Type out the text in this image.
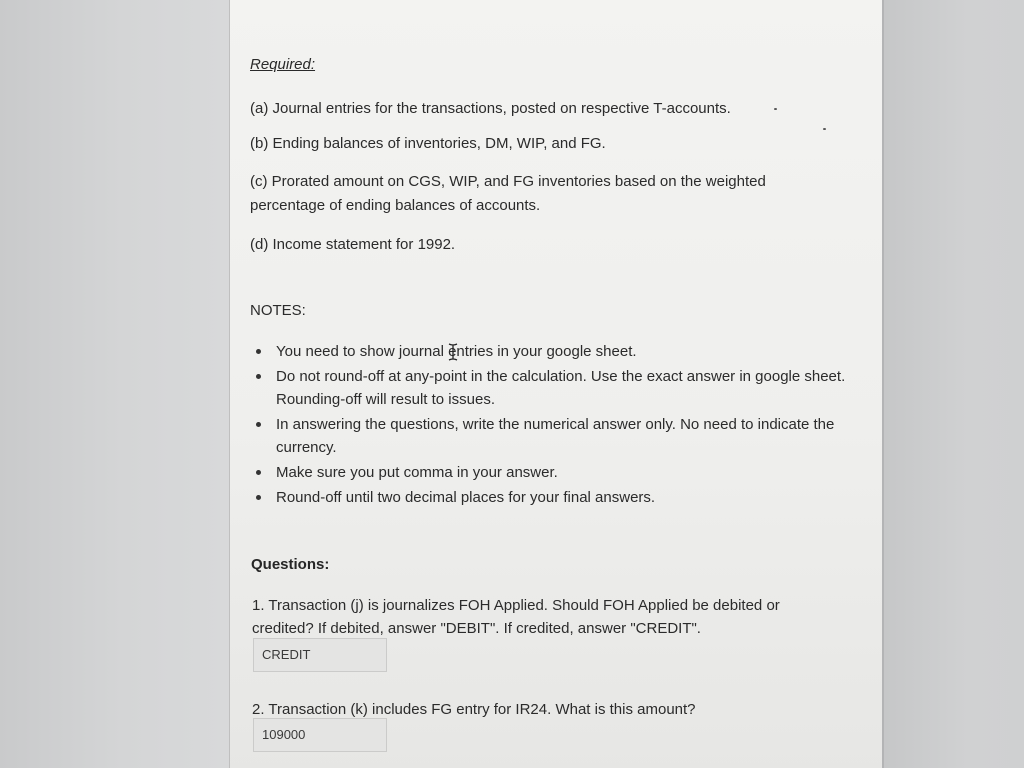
Required:
(a) Journal entries for the transactions, posted on respective T-accounts.
(b) Ending balances of inventories, DM, WIP, and FG.
(c) Prorated amount on CGS, WIP, and FG inventories based on the weighted percentage of ending balances of accounts.
(d) Income statement for 1992.
NOTES:
You need to show journal entries in your google sheet.
Do not round-off at any-point in the calculation. Use the exact answer in google sheet. Rounding-off will result to issues.
In answering the questions, write the numerical answer only. No need to indicate the currency.
Make sure you put comma in your answer.
Round-off until two decimal places for your final answers.
Questions:
1. Transaction (j) is journalizes FOH Applied. Should FOH Applied be debited or credited? If debited, answer "DEBIT". If credited, answer "CREDIT".
CREDIT
2. Transaction (k) includes FG entry for IR24. What is this amount?
109000
